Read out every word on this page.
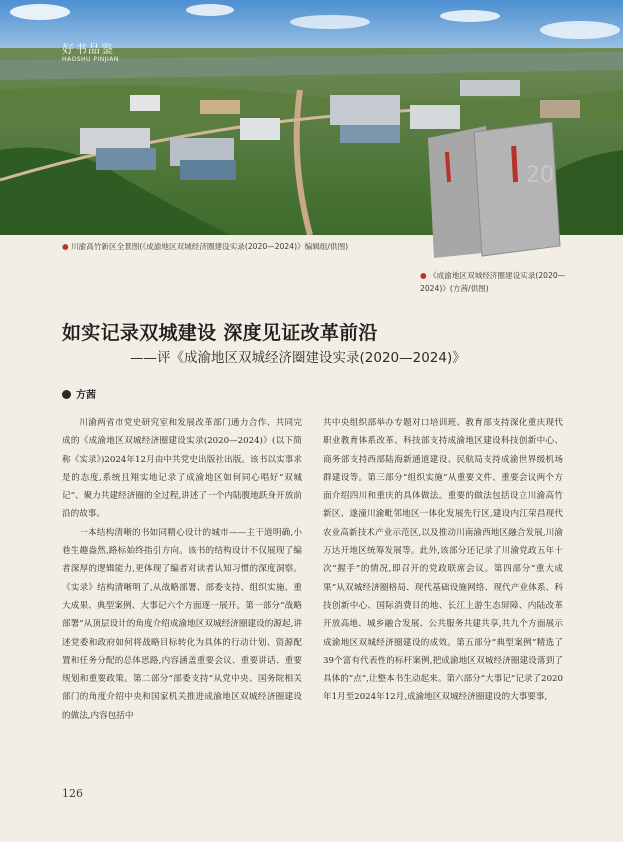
好书品鉴
HAOSHU PINJIAN
20
● 川渝高竹新区全景图(《成渝地区双城经济圈建设实录(2020—2024)》编辑组/供图)
● 《成渝地区双城经济圈建设实录(2020—2024)》(方茜/供图)
如实记录双城建设 深度见证改革前沿
——评《成渝地区双城经济圈建设实录(2020—2024)》
方茜

川渝两省市党史研究室和发展改革部门通力合作、共同完成的《成渝地区双城经济圈建设实录(2020—2024)》(以下简称《实录》)2024年12月由中共党史出版社出版。该书以实事求是的态度,系统且翔实地记录了成渝地区如何同心唱好“双城记”、聚力共建经济圈的全过程,讲述了一个内陆腹地跃身开放前沿的故事。

一本结构清晰的书如同精心设计的城市——主干道明确,小巷生趣盎然,路标始终指引方向。该书的结构设计不仅展现了编者深厚的逻辑能力,更体现了编者对读者认知习惯的深度洞察。《实录》结构清晰明了,从战略部署、部委支持、组织实施、重大成果、典型案例、大事记六个方面逐一展开。第一部分“战略部署”从顶层设计的角度介绍成渝地区双城经济圈建设的源起,讲述党委和政府如何将战略目标转化为具体的行动计划、资源配置和任务分配的总体思路,内容涵盖重要会议、重要讲话、重要规划和重要政策。第二部分“部委支持”从党中央、国务院相关部门的角度介绍中央和国家机关推进成渝地区双城经济圈建设的做法,内容包括中

共中央组织部举办专题对口培训班、教育部支持深化重庆现代职业教育体系改革、科技部支持成渝地区建设科技创新中心、商务部支持西部陆海新通道建设、民航局支持成渝世界级机场群建设等。第三部分“组织实施”从重要文件、重要会议两个方面介绍四川和重庆的具体做法。重要的做法包括设立川渝高竹新区、遂潼川渝毗邻地区一体化发展先行区,建设内江荣昌现代农业高新技术产业示范区,以及推动川南渝西地区融合发展,川渝万达开地区统筹发展等。此外,该部分还记录了川渝党政五年十次“握手”的情况,即召开的党政联席会议。第四部分“重大成果”从双城经济圈格局、现代基础设施网络、现代产业体系、科技创新中心、国际消费目的地、长江上游生态屏障、内陆改革开放高地、城乡融合发展、公共服务共建共享,共九个方面展示成渝地区双城经济圈建设的成效。第五部分“典型案例”精选了39个富有代表性的标杆案例,把成渝地区双城经济圈建设落到了具体的“点”,让整本书生动起来。第六部分“大事记”记录了2020年1月至2024年12月,成渝地区双城经济圈建设的大事要事,

126
